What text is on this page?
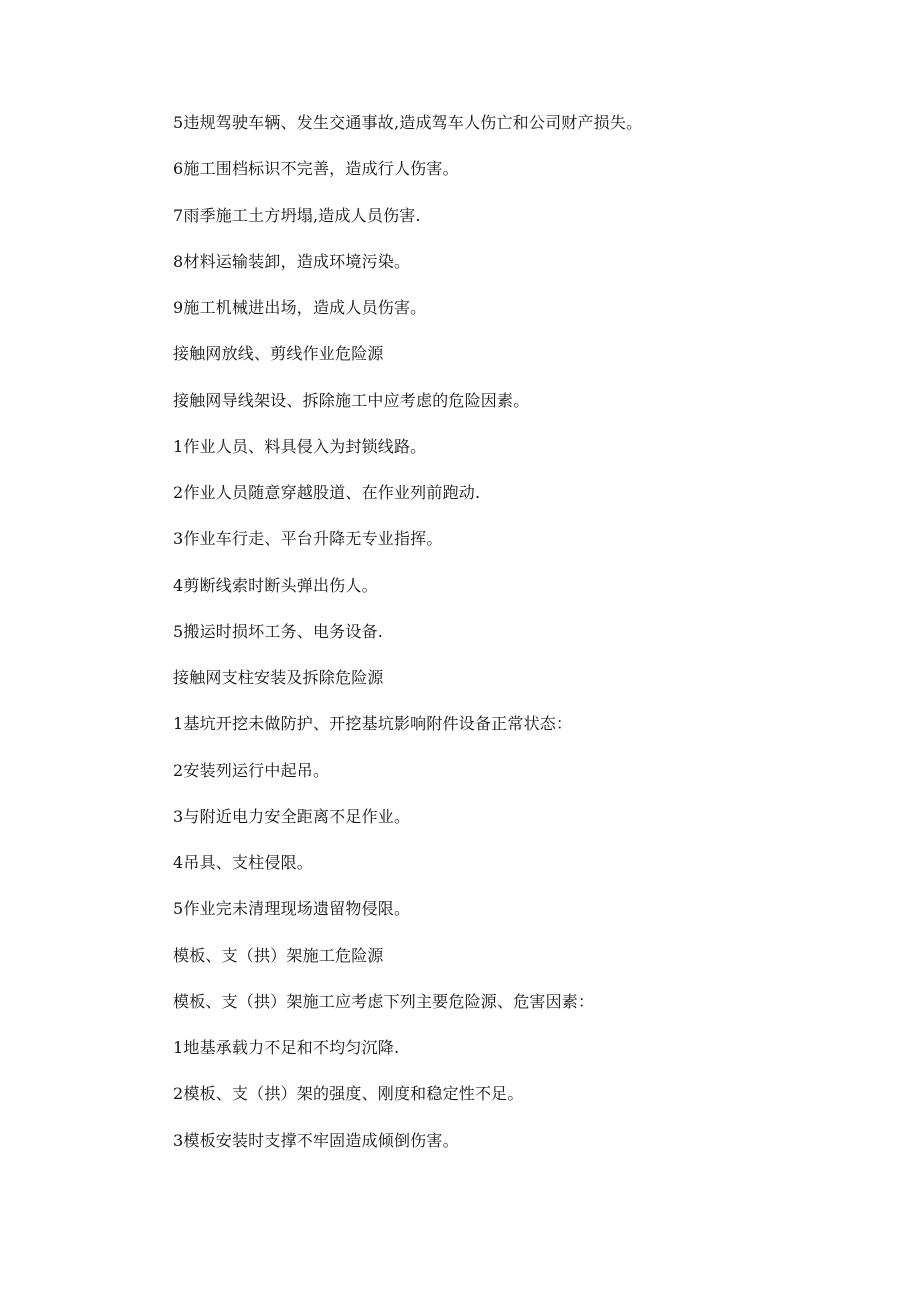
5违规驾驶车辆、发生交通事故,造成驾车人伤亡和公司财产损失。

6施工围档标识不完善，造成行人伤害。

7雨季施工土方坍塌,造成人员伤害.

8材料运输装卸，造成环境污染。

9施工机械进出场，造成人员伤害。

接触网放线、剪线作业危险源

接触网导线架设、拆除施工中应考虑的危险因素。

1作业人员、料具侵入为封锁线路。

2作业人员随意穿越股道、在作业列前跑动.

3作业车行走、平台升降无专业指挥。

4剪断线索时断头弹出伤人。

5搬运时损坏工务、电务设备.

接触网支柱安装及拆除危险源

1基坑开挖未做防护、开挖基坑影响附件设备正常状态：

2安装列运行中起吊。

3与附近电力安全距离不足作业。

4吊具、支柱侵限。

5作业完未清理现场遗留物侵限。

模板、支（拱）架施工危险源

模板、支（拱）架施工应考虑下列主要危险源、危害因素：

1地基承载力不足和不均匀沉降.

2模板、支（拱）架的强度、刚度和稳定性不足。

3模板安装时支撑不牢固造成倾倒伤害。
